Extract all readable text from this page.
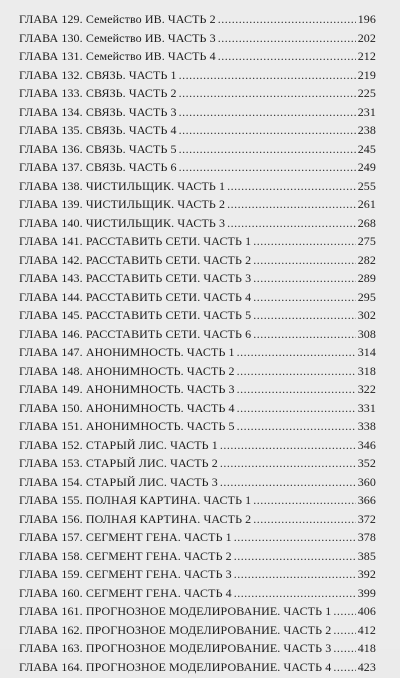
ГЛАВА 129. Семейство ИВ. ЧАСТЬ 2 .....	196
ГЛАВА 130. Семейство ИВ. ЧАСТЬ 3 .....	202
ГЛАВА 131. Семейство ИВ. ЧАСТЬ 4 .....	212
ГЛАВА 132. СВЯЗЬ. ЧАСТЬ 1 .....	219
ГЛАВА 133. СВЯЗЬ. ЧАСТЬ 2 .....	225
ГЛАВА 134. СВЯЗЬ. ЧАСТЬ 3 .....	231
ГЛАВА 135. СВЯЗЬ. ЧАСТЬ 4 .....	238
ГЛАВА 136. СВЯЗЬ. ЧАСТЬ 5 .....	245
ГЛАВА 137. СВЯЗЬ. ЧАСТЬ 6 .....	249
ГЛАВА 138. ЧИСТИЛЬЩИК. ЧАСТЬ 1 .....	255
ГЛАВА 139. ЧИСТИЛЬЩИК. ЧАСТЬ 2 .....	261
ГЛАВА 140. ЧИСТИЛЬЩИК. ЧАСТЬ 3 .....	268
ГЛАВА 141. РАССТАВИТЬ СЕТИ. ЧАСТЬ 1 .....	275
ГЛАВА 142. РАССТАВИТЬ СЕТИ. ЧАСТЬ 2 .....	282
ГЛАВА 143. РАССТАВИТЬ СЕТИ. ЧАСТЬ 3 .....	289
ГЛАВА 144. РАССТАВИТЬ СЕТИ. ЧАСТЬ 4 .....	295
ГЛАВА 145. РАССТАВИТЬ СЕТИ. ЧАСТЬ 5 .....	302
ГЛАВА 146. РАССТАВИТЬ СЕТИ. ЧАСТЬ 6 .....	308
ГЛАВА 147. АНОНИМНОСТЬ. ЧАСТЬ 1 .....	314
ГЛАВА 148. АНОНИМНОСТЬ. ЧАСТЬ 2 .....	318
ГЛАВА 149. АНОНИМНОСТЬ. ЧАСТЬ 3 .....	322
ГЛАВА 150. АНОНИМНОСТЬ. ЧАСТЬ 4 .....	331
ГЛАВА 151. АНОНИМНОСТЬ. ЧАСТЬ 5 .....	338
ГЛАВА 152. СТАРЫЙ ЛИС. ЧАСТЬ 1 .....	346
ГЛАВА 153. СТАРЫЙ ЛИС. ЧАСТЬ 2 .....	352
ГЛАВА 154. СТАРЫЙ ЛИС. ЧАСТЬ 3 .....	360
ГЛАВА 155. ПОЛНАЯ КАРТИНА. ЧАСТЬ 1 .....	366
ГЛАВА 156. ПОЛНАЯ КАРТИНА. ЧАСТЬ 2 .....	372
ГЛАВА 157. СЕГМЕНТ ГЕНА. ЧАСТЬ 1 .....	378
ГЛАВА 158. СЕГМЕНТ ГЕНА. ЧАСТЬ 2 .....	385
ГЛАВА 159. СЕГМЕНТ ГЕНА. ЧАСТЬ 3 .....	392
ГЛАВА 160. СЕГМЕНТ ГЕНА. ЧАСТЬ 4 .....	399
ГЛАВА 161. ПРОГНОЗНОЕ МОДЕЛИРОВАНИЕ. ЧАСТЬ 1 ..... 406
ГЛАВА 162. ПРОГНОЗНОЕ МОДЕЛИРОВАНИЕ. ЧАСТЬ 2 ..... 412
ГЛАВА 163. ПРОГНОЗНОЕ МОДЕЛИРОВАНИЕ. ЧАСТЬ 3 ..... 418
ГЛАВА 164. ПРОГНОЗНОЕ МОДЕЛИРОВАНИЕ. ЧАСТЬ 4 ..... 423
